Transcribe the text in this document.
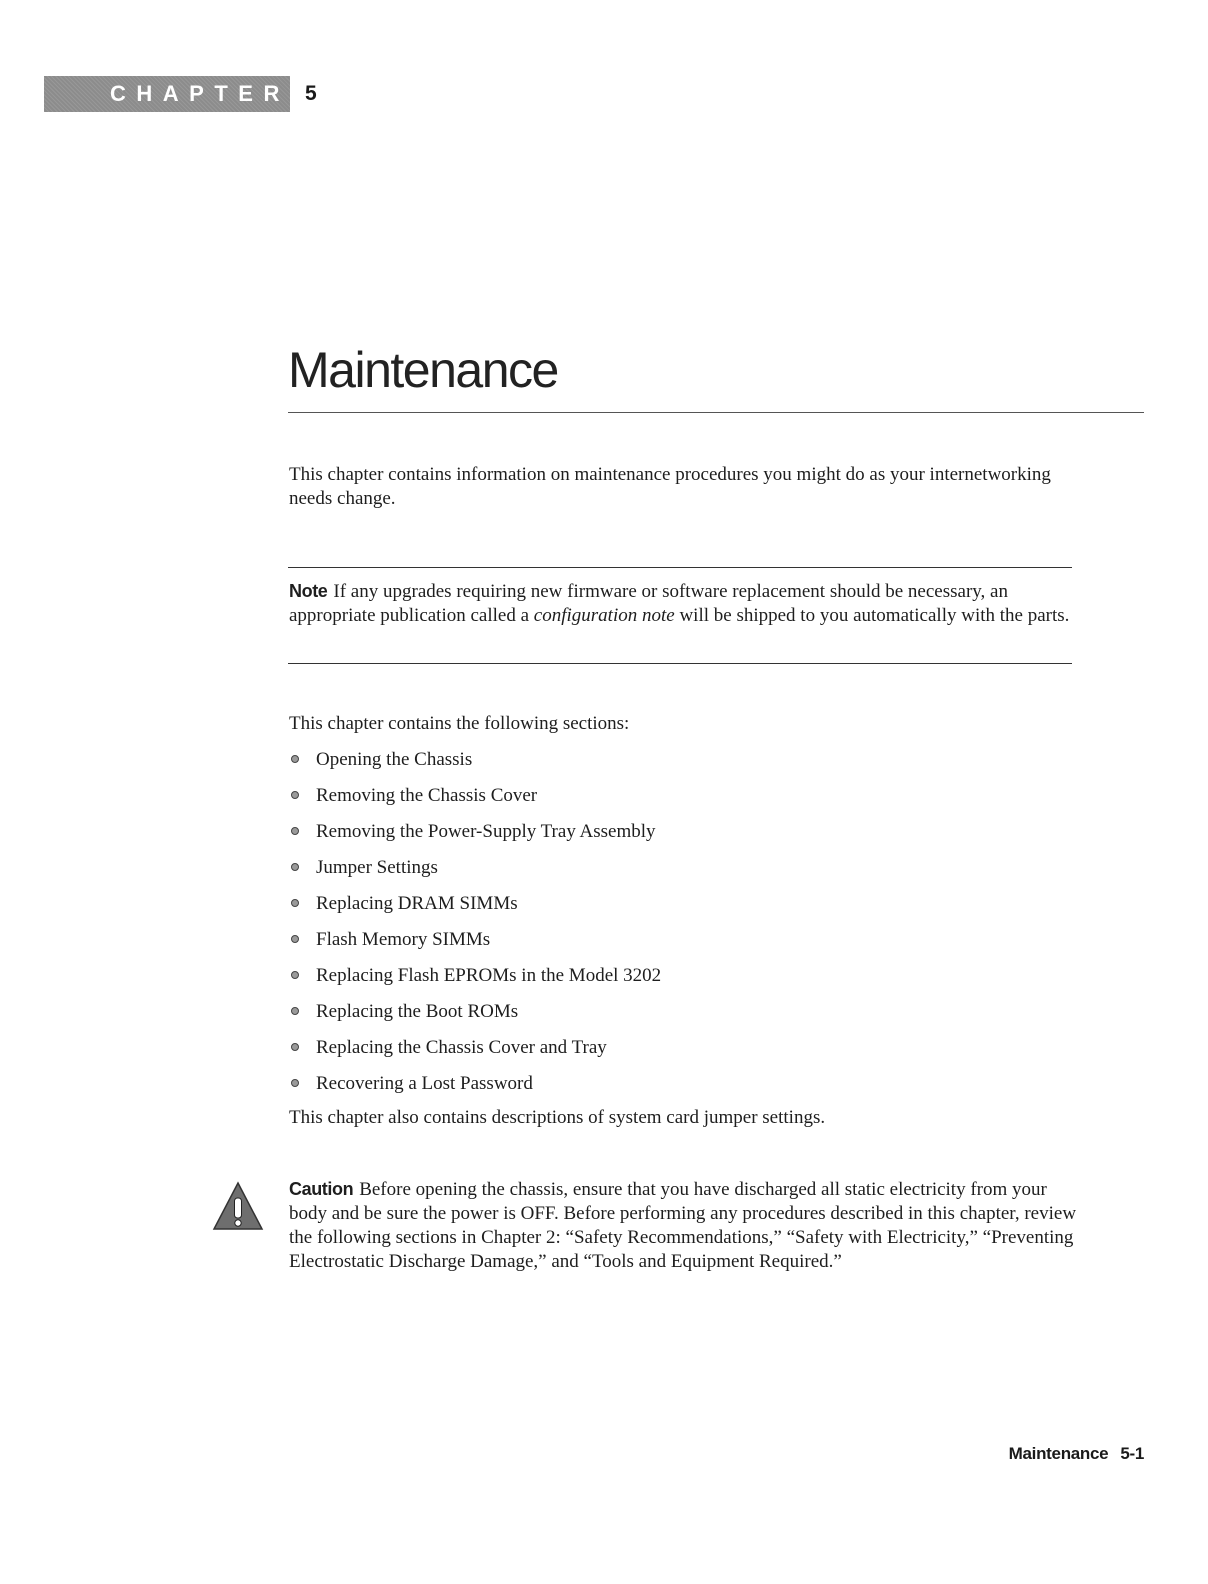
CHAPTER 5
Maintenance

This chapter contains information on maintenance procedures you might do as your internetworking needs change.

Note If any upgrades requiring new firmware or software replacement should be necessary, an appropriate publication called a configuration note will be shipped to you automatically with the parts.

This chapter contains the following sections:

Opening the Chassis
Removing the Chassis Cover
Removing the Power-Supply Tray Assembly
Jumper Settings
Replacing DRAM SIMMs
Flash Memory SIMMs
Replacing Flash EPROMs in the Model 3202
Replacing the Boot ROMs
Replacing the Chassis Cover and Tray
Recovering a Lost Password

This chapter also contains descriptions of system card jumper settings.

Caution Before opening the chassis, ensure that you have discharged all static electricity from your body and be sure the power is OFF. Before performing any procedures described in this chapter, review the following sections in Chapter 2: “Safety Recommendations,” “Safety with Electricity,” “Preventing Electrostatic Discharge Damage,” and “Tools and Equipment Required.”

Maintenance 5-1
